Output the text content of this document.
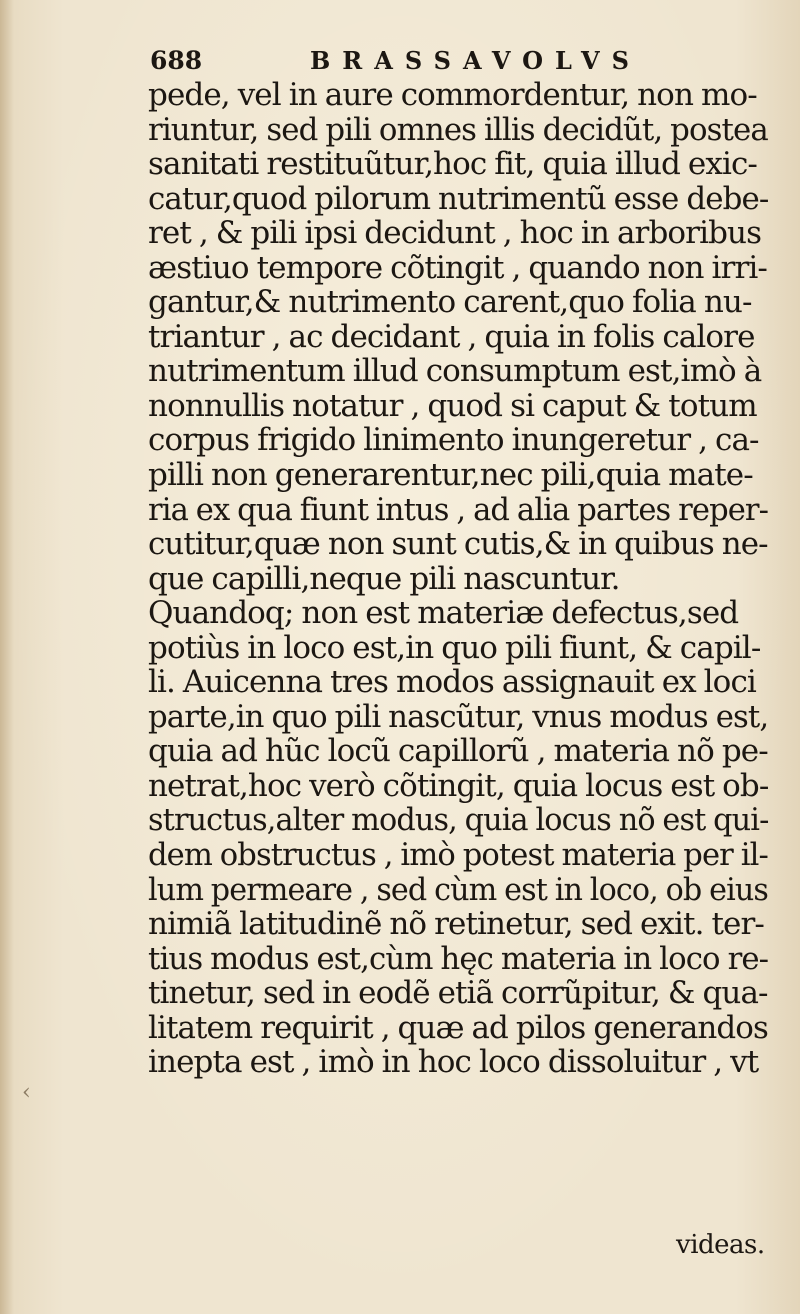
688	BRASSAVOLVS
pede, vel in aure commordentur, non mo-
riuntur, sed pili omnes illis decidũt, postea
sanitati restituũtur,hoc fit, quia illud exic-
catur,quod pilorum nutrimentũ esse debe-
ret , & pili ipsi decidunt , hoc in arboribus
æstiuo tempore cõtingit , quando non irri-
gantur,& nutrimento carent,quo folia nu-
triantur , ac decidant , quia in folis calore
nutrimentum illud consumptum est,imò à
nonnullis notatur , quod si caput & totum
corpus frigido linimento inungeretur , ca-
pilli non generarentur,nec pili,quia mate-
ria ex qua fiunt intus , ad alia partes reper-
cutitur,quæ non sunt cutis,& in quibus ne-
que capilli,neque pili nascuntur.
Quandoq; non est materiæ defectus,sed
potiùs in loco est,in quo pili fiunt, & capil-
li. Auicenna tres modos assignauit ex loci
parte,in quo pili nascũtur, vnus modus est,
quia ad hũc locũ capillorũ , materia nõ pe-
netrat,hoc verò cõtingit, quia locus est ob-
structus,alter modus, quia locus nõ est qui-
dem obstructus , imò potest materia per il-
lum permeare , sed cùm est in loco, ob eius
nimiã latitudinẽ nõ retinetur, sed exit. ter-
tius modus est,cùm hęc materia in loco re-
tinetur, sed in eodẽ etiã corrũpitur, & qua-
litatem requirit , quæ ad pilos generandos
inepta est , imò in hoc loco dissoluitur , vt
videas.
‹
